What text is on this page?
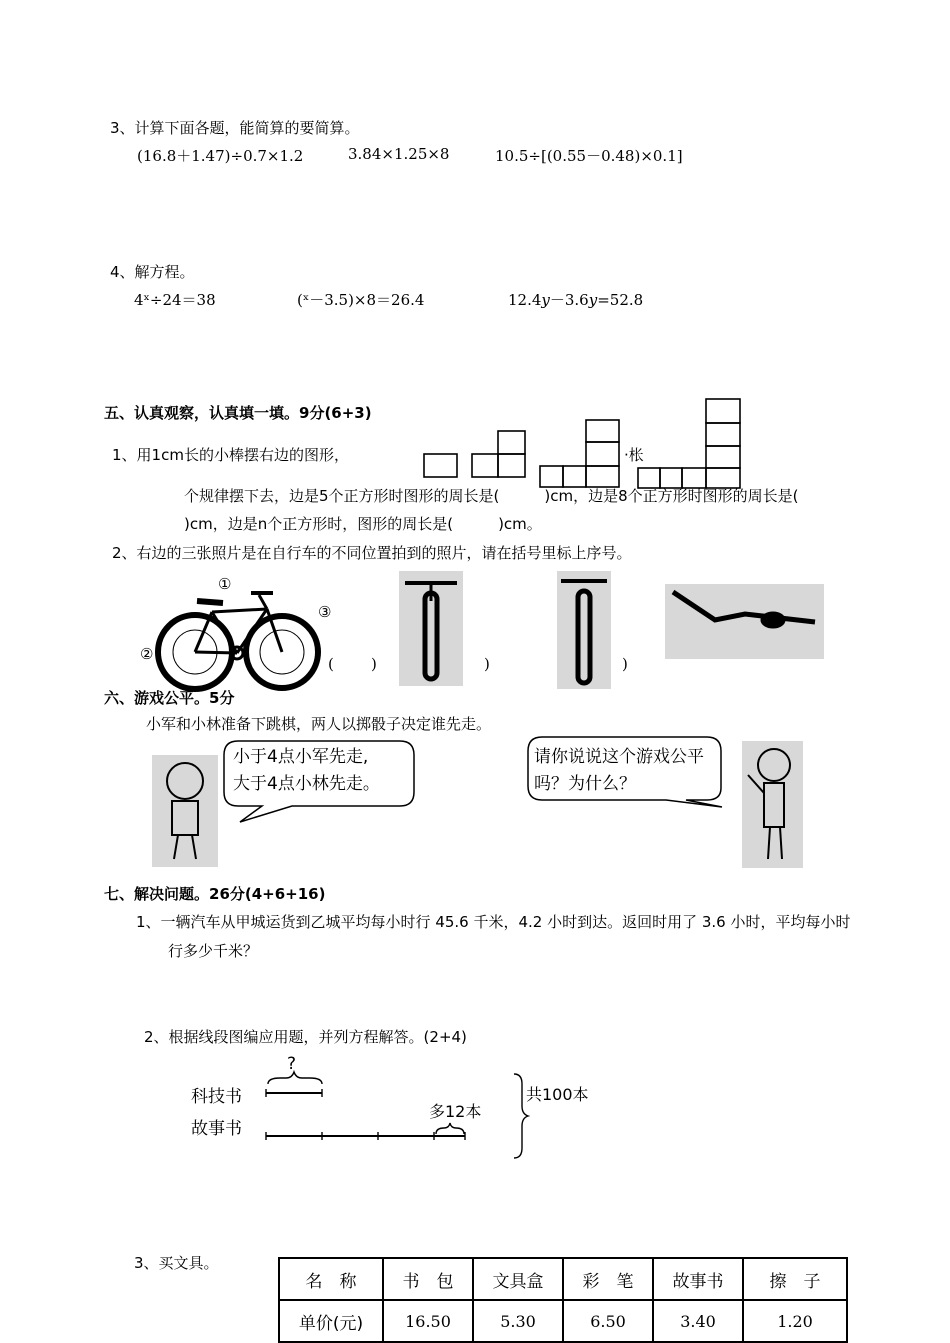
3、计算下面各题，能简算的要简算。
(16.8＋1.47)÷0.7×1.2	3.84×1.25×8	10.5÷[(0.55－0.48)×0.1]
4、解方程。
4ˣ÷24＝38	(ˣ－3.5)×8＝26.4	12.4𝑦－3.6𝑦=52.8
五、认真观察，认真填一填。9分(6+3)
1、用1cm长的小棒摆右边的图形，	·枨
个规律摆下去，边是5个正方形时图形的周长是(　　　)cm，边是8个正方形时图形的周长是(
)cm，边是n个正方形时，图形的周长是(　　　)cm。
2、右边的三张照片是在自行车的不同位置拍到的照片，请在括号里标上序号。
①
②
③
( )	)	)
六、游戏公平。5分
小军和小林准备下跳棋，两人以掷骰子决定谁先走。
小于4点小军先走,
大于4点小林先走。
请你说说这个游戏公平
吗？为什么？
七、解决问题。26分(4+6+16)
1、一辆汽车从甲城运货到乙城平均每小时行 45.6 千米，4.2 小时到达。返回时用了 3.6 小时，平均每小时
行多少千米？
2、根据线段图编应用题，并列方程解答。(2+4)
科技书
故事书
?
多12本
共100本
3、买文具。
名　称	书　包	文具盒	彩　笔	故事书	擦　子
单价(元)	16.50	5.30	6.50	3.40	1.20
